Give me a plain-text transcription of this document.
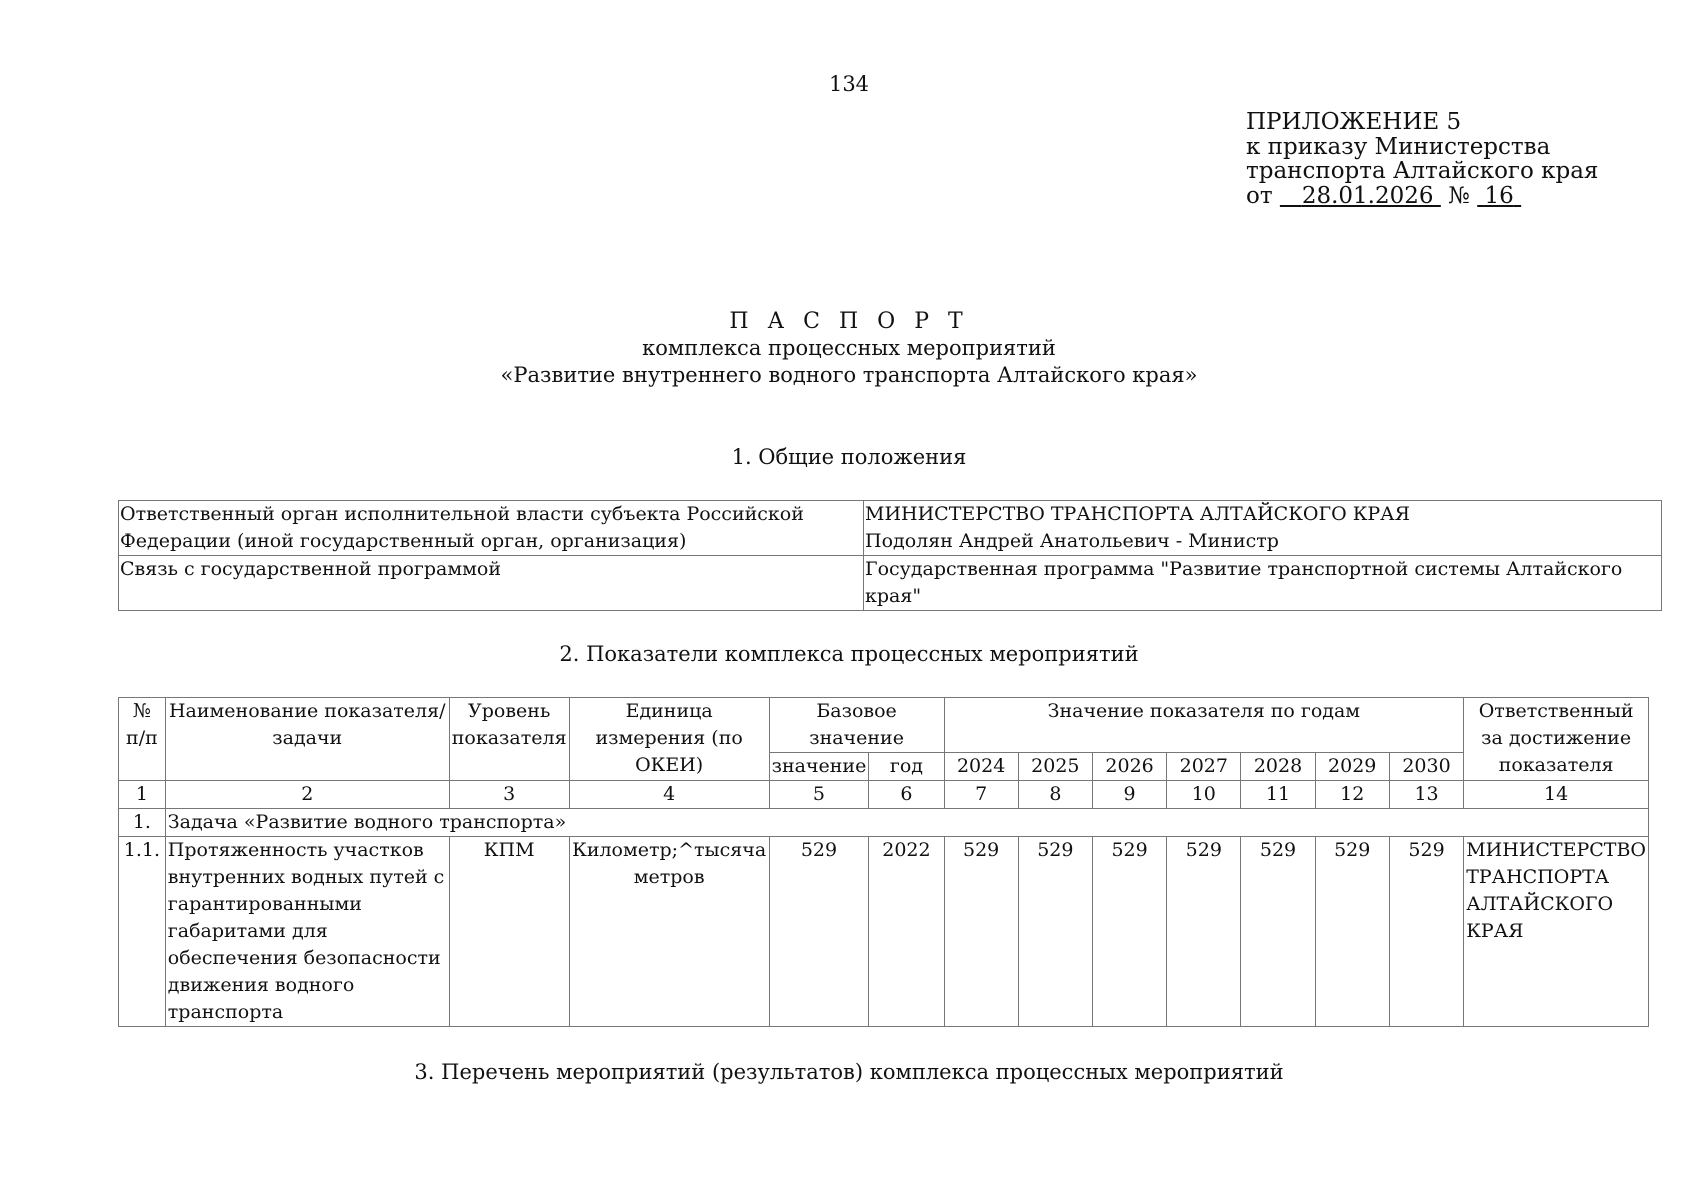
134
ПРИЛОЖЕНИЕ 5
к приказу Министерства
транспорта Алтайского края
от 28.01.2026 № 16
П А С П О Р Т
комплекса процессных мероприятий
«Развитие внутреннего водного транспорта Алтайского края»
1. Общие положения
Ответственный орган исполнительной власти субъекта Российской Федерации (иной государственный орган, организация)	МИНИСТЕРСТВО ТРАНСПОРТА АЛТАЙСКОГО КРАЯ
Подолян Андрей Анатольевич - Министр

Связь с государственной программой	Государственная программа "Развитие транспортной системы Алтайского края"
2. Показатели комплекса процессных мероприятий
№ п/п	Наименование показателя/задачи	Уровень показателя	Единица измерения (по ОКЕИ)	Базовое значение		Значение показателя по годам							Ответственный за достижение показателя
				значение	год	2024	2025	2026	2027	2028	2029	2030	
1	2	3	4	5	6	7	8	9	10	11	12	13	14
1.	Задача «Развитие водного транспорта»												
1.1.	Протяженность участков внутренних водных путей с гарантированными габаритами для обеспечения безопасности движения водного транспорта	КПМ	Километр;^тысяча метров	529	2022	529	529	529	529	529	529	529	МИНИСТЕРСТВО ТРАНСПОРТА АЛТАЙСКОГО КРАЯ
3. Перечень мероприятий (результатов) комплекса процессных мероприятий
